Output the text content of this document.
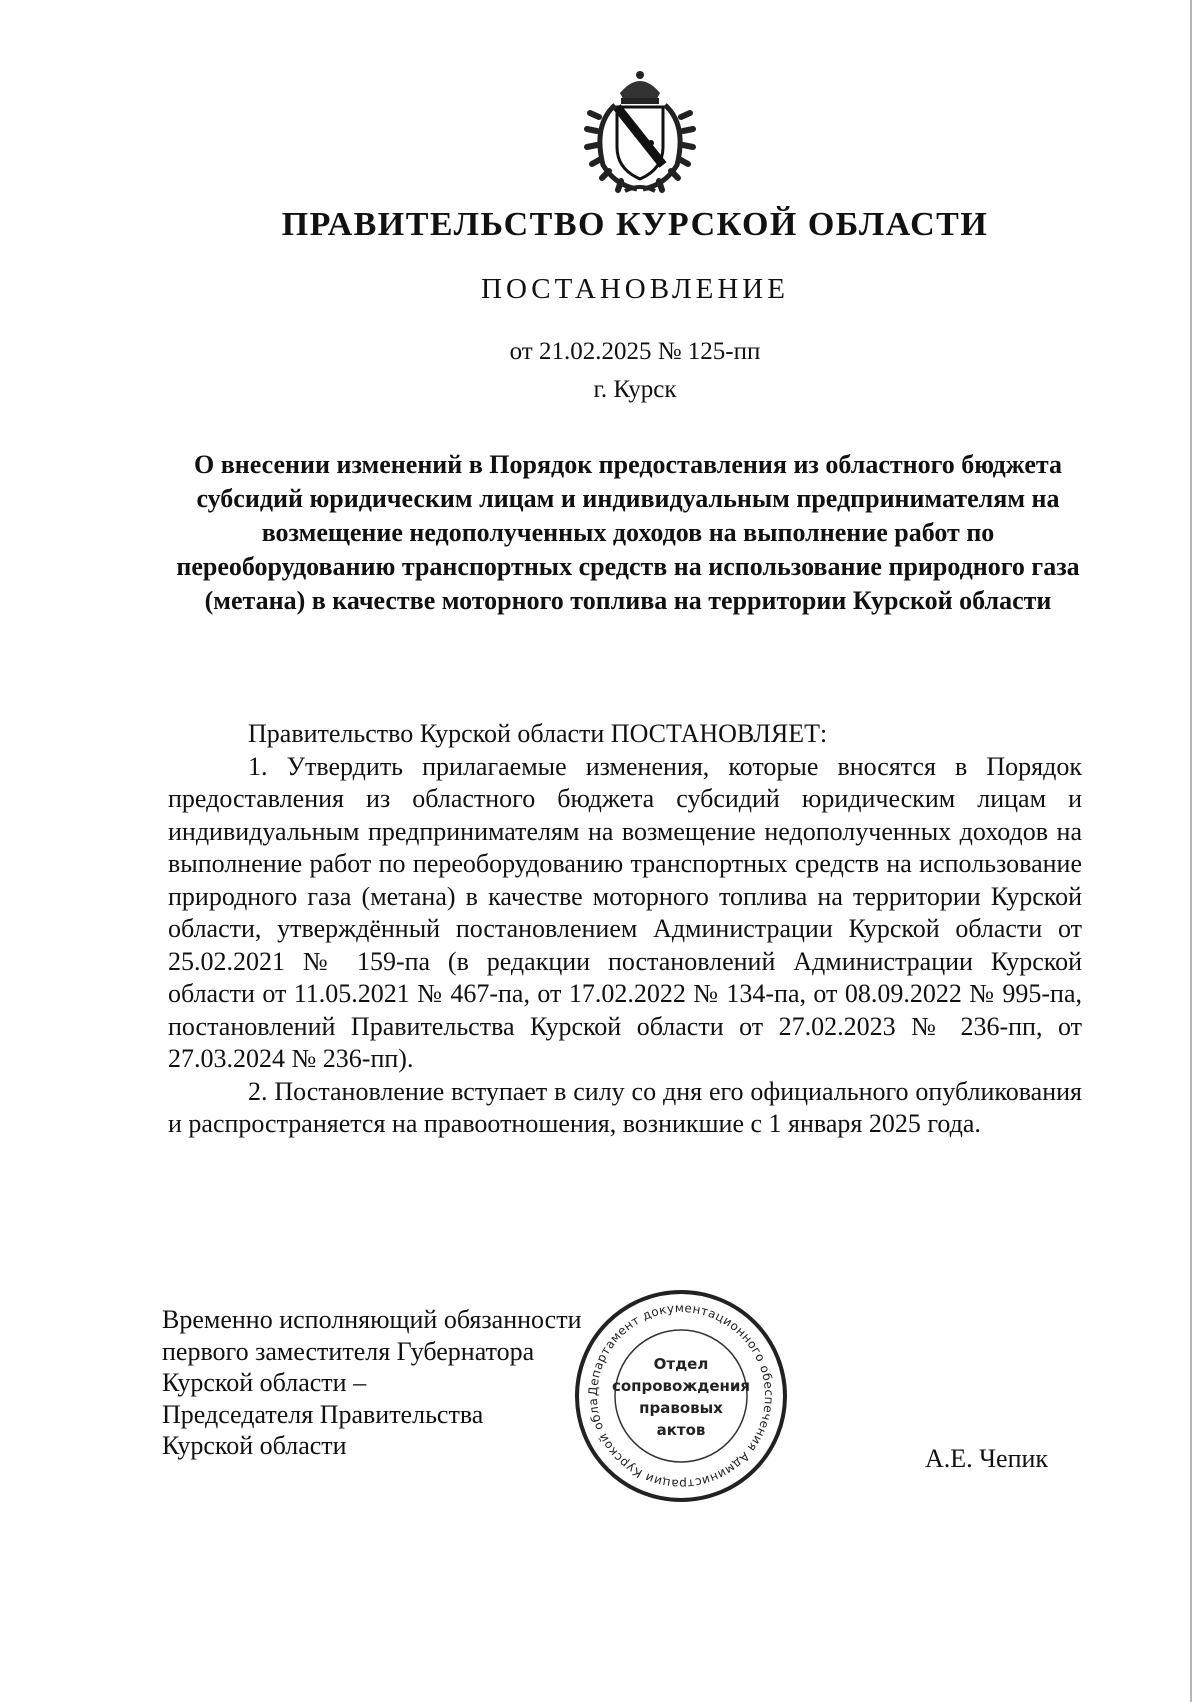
ПРАВИТЕЛЬСТВО КУРСКОЙ ОБЛАСТИ
ПОСТАНОВЛЕНИЕ
от 21.02.2025 № 125-пп
г. Курск
О внесении изменений в Порядок предоставления из областного бюджета субсидий юридическим лицам и индивидуальным предпринимателям на возмещение недополученных доходов на выполнение работ по переоборудованию транспортных средств на использование природного газа (метана) в качестве моторного топлива на территории Курской области

Правительство Курской области ПОСТАНОВЛЯЕТ:

1. Утвердить прилагаемые изменения, которые вносятся в Порядок предоставления из областного бюджета субсидий юридическим лицам и индивидуальным предпринимателям на возмещение недополученных доходов на выполнение работ по переоборудованию транспортных средств на использование природного газа (метана) в качестве моторного топлива на территории Курской области, утверждённый постановлением Администрации Курской области от 25.02.2021 № 159-па (в редакции постановлений Администрации Курской области от 11.05.2021 № 467-па, от 17.02.2022 № 134-па, от 08.09.2022 № 995-па, постановлений Правительства Курской области от 27.02.2023 № 236-пп, от 27.03.2024 № 236-пп).

2. Постановление вступает в силу со дня его официального опубликования и распространяется на правоотношения, возникшие с 1 января 2025 года.

Временно исполняющий обязанности
первого заместителя Губернатора
Курской области –
Председателя Правительства
Курской области	А.Е. Чепик
Департамент документационного обеспечения Администрации Курской обла
Отдел
сопровождения
правовых
актов
